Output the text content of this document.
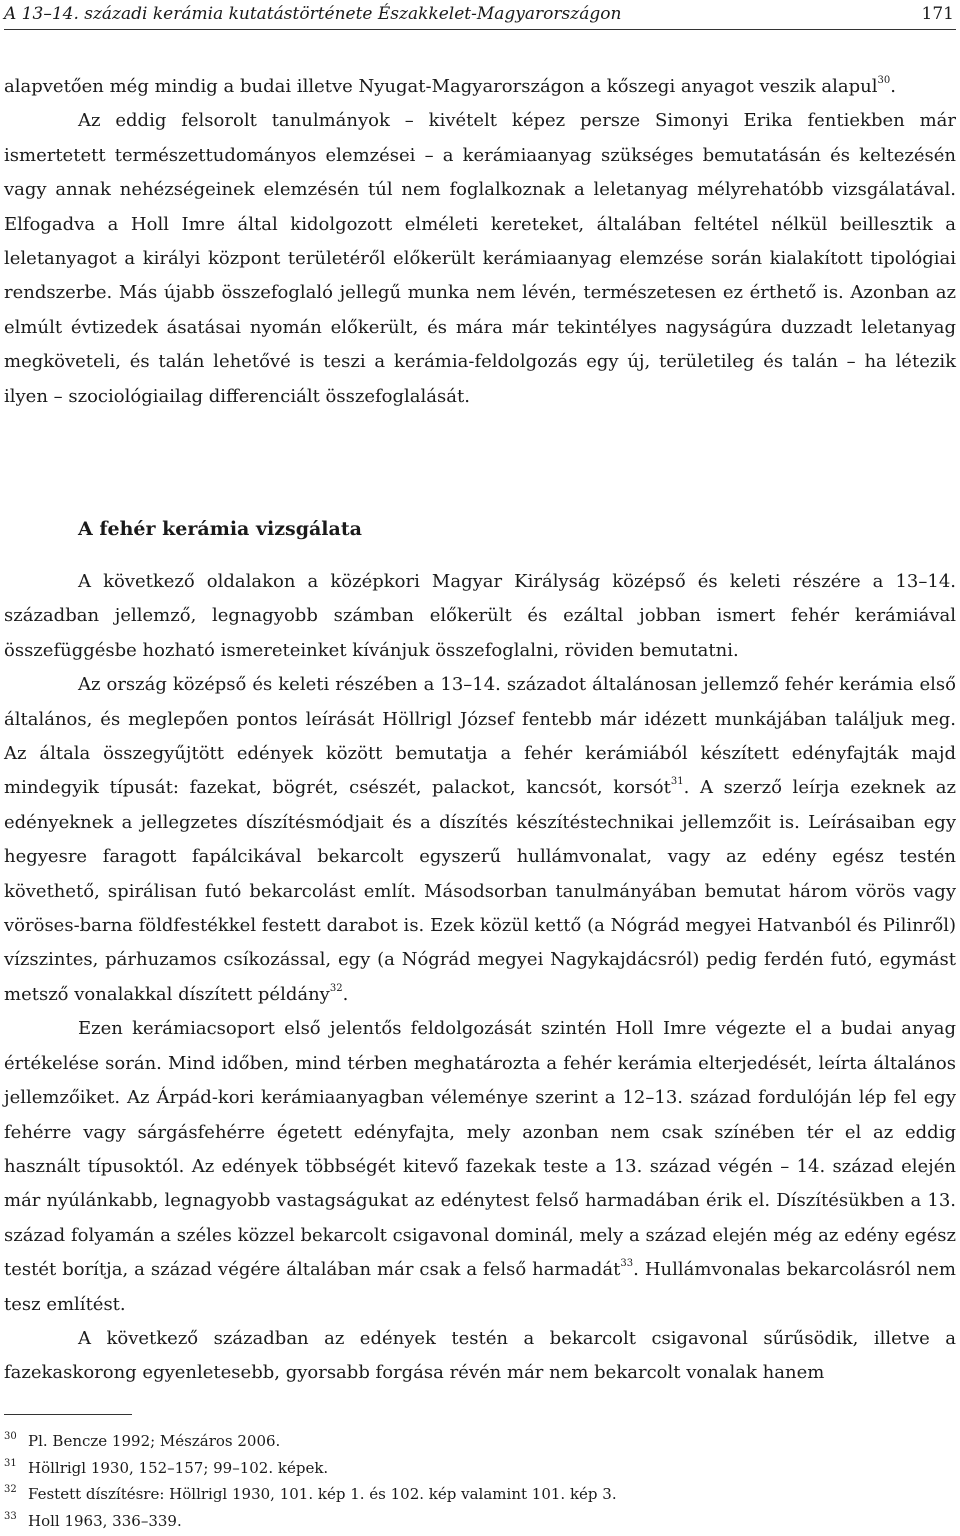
A 13–14. századi kerámia kutatástörténete Északkelet-Magyarországon	171

alapvetően még mindig a budai illetve Nyugat-Magyarországon a kőszegi anyagot veszik alapul$^{30}$.

Az eddig felsorolt tanulmányok – kivételt képez persze Simonyi Erika fentiekben már ismertetett természettudományos elemzései – a kerámiaanyag szükséges bemutatásán és keltezésén vagy annak nehézségeinek elemzésén túl nem foglalkoznak a leletanyag mélyrehatóbb vizsgálatával. Elfogadva a Holl Imre által kidolgozott elméleti kereteket, általában feltétel nélkül beillesztik a leletanyagot a királyi központ területéről előkerült kerámiaanyag elemzése során kialakított tipológiai rendszerbe. Más újabb összefoglaló jellegű munka nem lévén, természetesen ez érthető is. Azonban az elmúlt évtizedek ásatásai nyomán előkerült, és mára már tekintélyes nagyságúra duzzadt leletanyag megköveteli, és talán lehetővé is teszi a kerámia-feldolgozás egy új, területileg és talán – ha létezik ilyen – szociológiailag differenciált összefoglalását.

A fehér kerámia vizsgálata

A következő oldalakon a középkori Magyar Királyság középső és keleti részére a 13–14. században jellemző, legnagyobb számban előkerült és ezáltal jobban ismert fehér kerámiával összefüggésbe hozható ismereteinket kívánjuk összefoglalni, röviden bemutatni.

Az ország középső és keleti részében a 13–14. századot általánosan jellemző fehér kerámia első általános, és meglepően pontos leírását Höllrigl József fentebb már idézett munkájában találjuk meg. Az általa összegyűjtött edények között bemutatja a fehér kerámiából készített edényfajták majd mindegyik típusát: fazekat, bögrét, csészét, palackot, kancsót, korsót$^{31}$. A szerző leírja ezeknek az edényeknek a jellegzetes díszítésmódjait és a díszítés készítéstechnikai jellemzőit is. Leírásaiban egy hegyesre faragott fapálcikával bekarcolt egyszerű hullámvonalat, vagy az edény egész testén követhető, spirálisan futó bekarcolást említ. Másodsorban tanulmányában bemutat három vörös vagy vöröses-barna földfestékkel festett darabot is. Ezek közül kettő (a Nógrád megyei Hatvanból és Pilinről) vízszintes, párhuzamos csíkozással, egy (a Nógrád megyei Nagykajdácsról) pedig ferdén futó, egymást metsző vonalakkal díszített példány$^{32}$.

Ezen kerámiacsoport első jelentős feldolgozását szintén Holl Imre végezte el a budai anyag értékelése során. Mind időben, mind térben meghatározta a fehér kerámia elterjedését, leírta általános jellemzőiket. Az Árpád-kori kerámiaanyagban véleménye szerint a 12–13. század fordulóján lép fel egy fehérre vagy sárgásfehérre égetett edényfajta, mely azonban nem csak színében tér el az eddig használt típusoktól. Az edények többségét kitevő fazekak teste a 13. század végén – 14. század elején már nyúlánkabb, legnagyobb vastagságukat az edénytest felső harmadában érik el. Díszítésükben a 13. század folyamán a széles közzel bekarcolt csigavonal dominál, mely a század elején még az edény egész testét borítja, a század végére általában már csak a felső harmadát$^{33}$. Hullámvonalas bekarcolásról nem tesz említést.

A következő században az edények testén a bekarcolt csigavonal sűrűsödik, illetve a fazekaskorong egyenletesebb, gyorsabb forgása révén már nem bekarcolt vonalak hanem

30 Pl. Bencze 1992; Mészáros 2006.
31 Höllrigl 1930, 152–157; 99–102. képek.
32 Festett díszítésre: Höllrigl 1930, 101. kép 1. és 102. kép valamint 101. kép 3.
33 Holl 1963, 336–339.
